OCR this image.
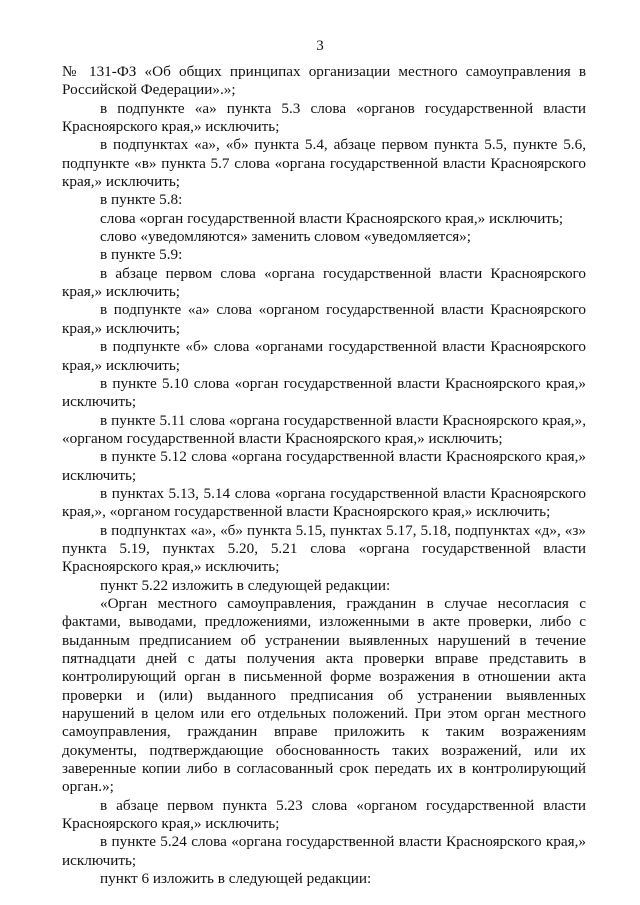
3

№ 131-ФЗ «Об общих принципах организации местного самоуправления в Российской Федерации».»;

в подпункте «а» пункта 5.3 слова «органов государственной власти Красноярского края,» исключить;

в подпунктах «а», «б» пункта 5.4, абзаце первом пункта 5.5, пункте 5.6, подпункте «в» пункта 5.7 слова «органа государственной власти Красноярского края,» исключить;

в пункте 5.8:

слова «орган государственной власти Красноярского края,» исключить;

слово «уведомляются» заменить словом «уведомляется»;

в пункте 5.9:

в абзаце первом слова «органа государственной власти Красноярского края,» исключить;

в подпункте «а» слова «органом государственной власти Красноярского края,» исключить;

в подпункте «б» слова «органами государственной власти Красноярского края,» исключить;

в пункте 5.10 слова «орган государственной власти Красноярского края,» исключить;

в пункте 5.11 слова «органа государственной власти Красноярского края,», «органом государственной власти Красноярского края,» исключить;

в пункте 5.12 слова «органа государственной власти Красноярского края,» исключить;

в пунктах 5.13, 5.14 слова «органа государственной власти Красноярского края,», «органом государственной власти Красноярского края,» исключить;

в подпунктах «а», «б» пункта 5.15, пунктах 5.17, 5.18, подпунктах «д», «з» пункта 5.19, пунктах 5.20, 5.21 слова «органа государственной власти Красноярского края,» исключить;

пункт 5.22 изложить в следующей редакции:

«Орган местного самоуправления, гражданин в случае несогласия с фактами, выводами, предложениями, изложенными в акте проверки, либо с выданным предписанием об устранении выявленных нарушений в течение пятнадцати дней с даты получения акта проверки вправе представить в контролирующий орган в письменной форме возражения в отношении акта проверки и (или) выданного предписания об устранении выявленных нарушений в целом или его отдельных положений. При этом орган местного самоуправления, гражданин вправе приложить к таким возражениям документы, подтверждающие обоснованность таких возражений, или их заверенные копии либо в согласованный срок передать их в контролирующий орган.»;

в абзаце первом пункта 5.23 слова «органом государственной власти Красноярского края,» исключить;

в пункте 5.24 слова «органа государственной власти Красноярского края,» исключить;

пункт 6 изложить в следующей редакции:
